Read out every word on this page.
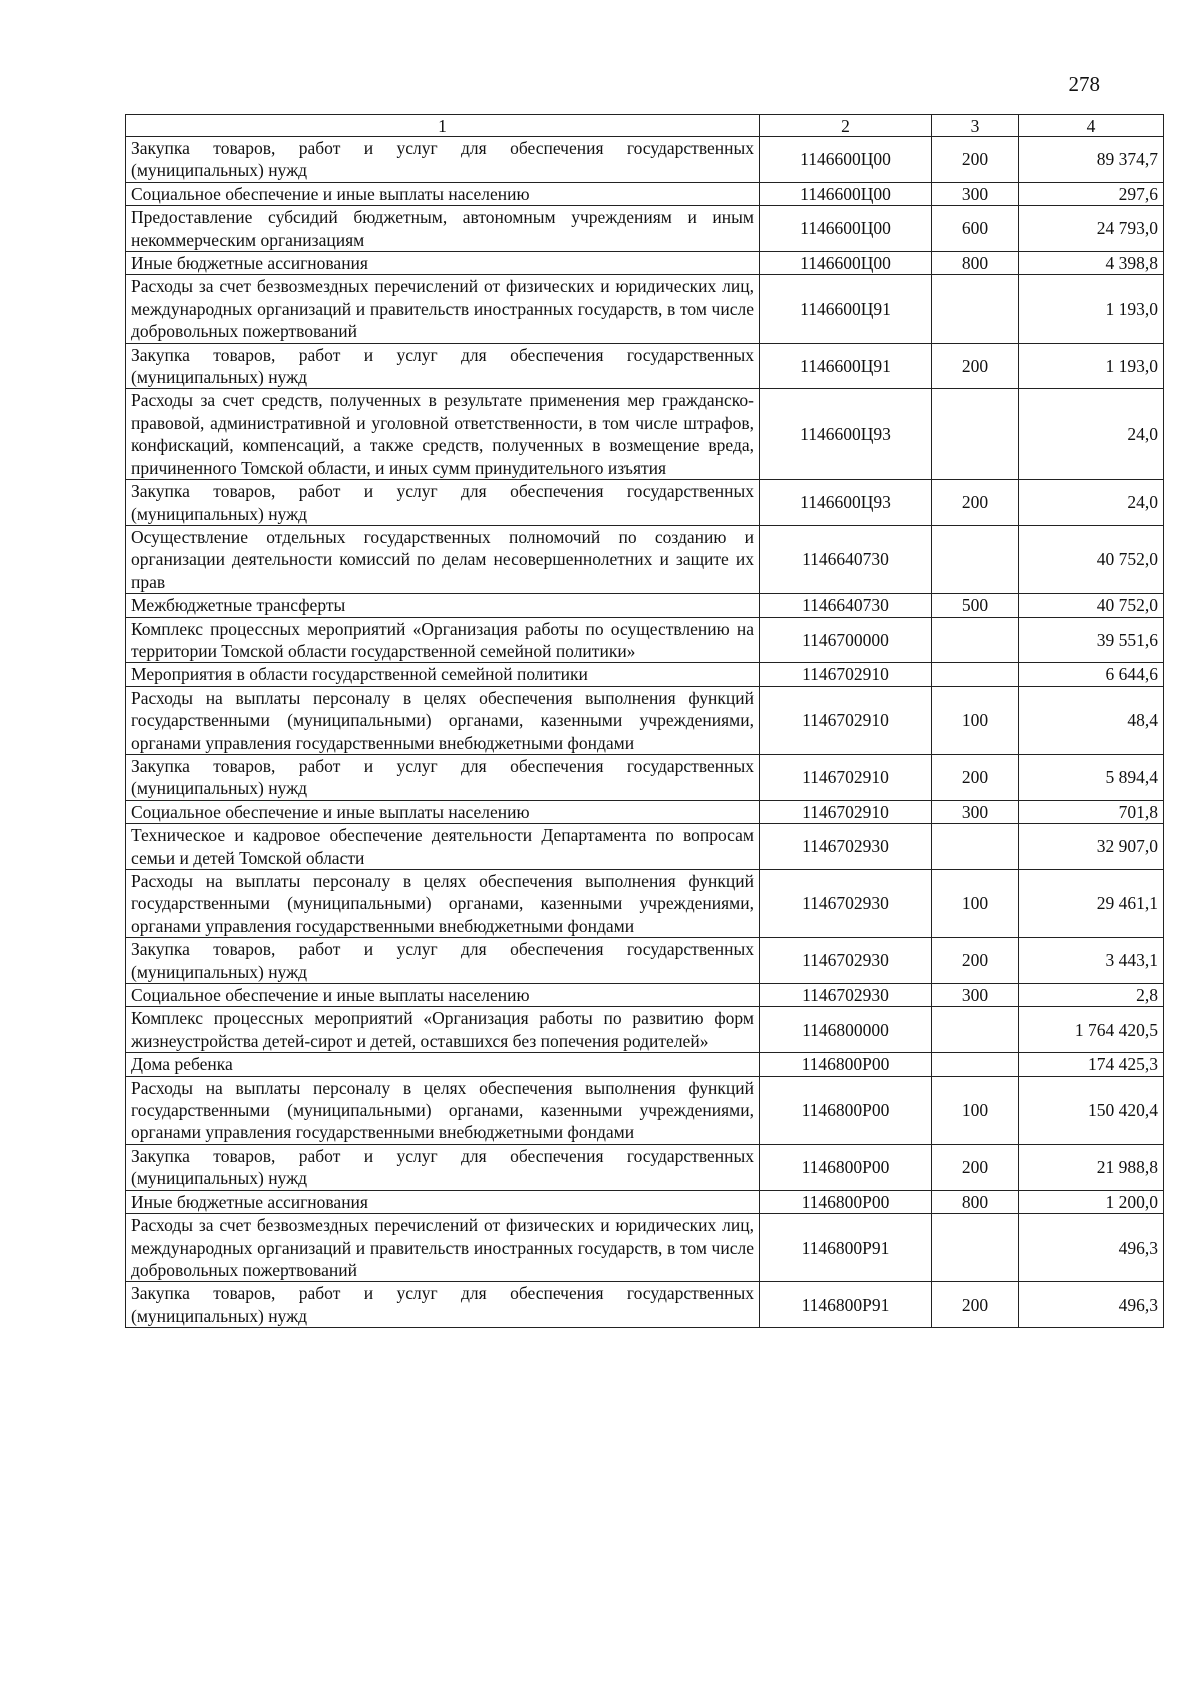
278
1	2	3	4
Закупка товаров, работ и услуг для обеспечения государственных (муниципальных) нужд	1146600Ц00	200	89 374,7
Социальное обеспечение и иные выплаты населению	1146600Ц00	300	297,6
Предоставление субсидий бюджетным, автономным учреждениям и иным некоммерческим организациям	1146600Ц00	600	24 793,0
Иные бюджетные ассигнования	1146600Ц00	800	4 398,8
Расходы за счет безвозмездных перечислений от физических и юридических лиц, международных организаций и правительств иностранных государств, в том числе добровольных пожертвований	1146600Ц91		1 193,0
Закупка товаров, работ и услуг для обеспечения государственных (муниципальных) нужд	1146600Ц91	200	1 193,0
Расходы за счет средств, полученных в результате применения мер гражданско-правовой, административной и уголовной ответственности, в том числе штрафов, конфискаций, компенсаций, а также средств, полученных в возмещение вреда, причиненного Томской области, и иных сумм принудительного изъятия	1146600Ц93		24,0
Закупка товаров, работ и услуг для обеспечения государственных (муниципальных) нужд	1146600Ц93	200	24,0
Осуществление отдельных государственных полномочий по созданию и организации деятельности комиссий по делам несовершеннолетних и защите их прав	1146640730		40 752,0
Межбюджетные трансферты	1146640730	500	40 752,0
Комплекс процессных мероприятий «Организация работы по осуществлению на территории Томской области государственной семейной политики»	1146700000		39 551,6
Мероприятия в области государственной семейной политики	1146702910		6 644,6
Расходы на выплаты персоналу в целях обеспечения выполнения функций государственными (муниципальными) органами, казенными учреждениями, органами управления государственными внебюджетными фондами	1146702910	100	48,4
Закупка товаров, работ и услуг для обеспечения государственных (муниципальных) нужд	1146702910	200	5 894,4
Социальное обеспечение и иные выплаты населению	1146702910	300	701,8
Техническое и кадровое обеспечение деятельности Департамента по вопросам семьи и детей Томской области	1146702930		32 907,0
Расходы на выплаты персоналу в целях обеспечения выполнения функций государственными (муниципальными) органами, казенными учреждениями, органами управления государственными внебюджетными фондами	1146702930	100	29 461,1
Закупка товаров, работ и услуг для обеспечения государственных (муниципальных) нужд	1146702930	200	3 443,1
Социальное обеспечение и иные выплаты населению	1146702930	300	2,8
Комплекс процессных мероприятий «Организация работы по развитию форм жизнеустройства детей-сирот и детей, оставшихся без попечения родителей»	1146800000		1 764 420,5
Дома ребенка	1146800Р00		174 425,3
Расходы на выплаты персоналу в целях обеспечения выполнения функций государственными (муниципальными) органами, казенными учреждениями, органами управления государственными внебюджетными фондами	1146800Р00	100	150 420,4
Закупка товаров, работ и услуг для обеспечения государственных (муниципальных) нужд	1146800Р00	200	21 988,8
Иные бюджетные ассигнования	1146800Р00	800	1 200,0
Расходы за счет безвозмездных перечислений от физических и юридических лиц, международных организаций и правительств иностранных государств, в том числе добровольных пожертвований	1146800Р91		496,3
Закупка товаров, работ и услуг для обеспечения государственных (муниципальных) нужд	1146800Р91	200	496,3
